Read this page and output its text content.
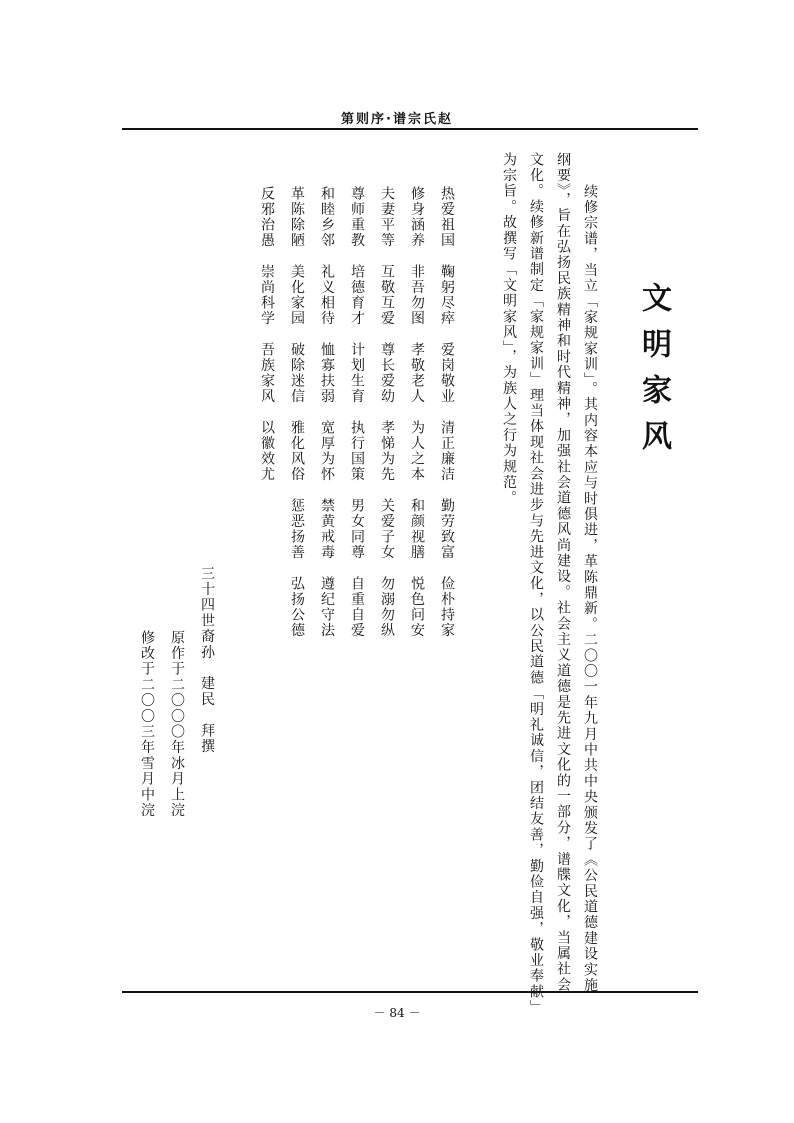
第则序·谱宗氏赵
文明家风
续修宗谱，当立「家规家训」。其内容本应与时俱进，革陈鼎新。二〇〇一年九月中共中央颁发了《公民道德建设实施
纲要》，旨在弘扬民族精神和时代精神，加强社会道德风尚建设。社会主义道德是先进文化的一部分，谱牒文化，当属社会
文化。续修新谱制定「家规家训」理当体现社会进步与先进文化，以公民道德「明礼诚信，团结友善，勤俭自强，敬业奉献」
为宗旨。故撰写「文明家风」，为族人之行为规范。
热爱祖国鞠躬尽瘁爱岗敬业清正廉洁勤劳致富俭朴持家
修身涵养非吾勿图孝敬老人为人之本和颜视膳悦色问安
夫妻平等互敬互爱尊长爱幼孝悌为先关爱子女勿溺勿纵
尊师重教培德育才计划生育执行国策男女同尊自重自爱
和睦乡邻礼义相待恤寡扶弱宽厚为怀禁黄戒毒遵纪守法
革陈除陋美化家园破除迷信雅化风俗惩恶扬善弘扬公德
反邪治愚崇尚科学吾族家风以徽效尤
三十四世裔孙　建民　拜撰
原作于二〇〇〇年冰月上浣
修改于二〇〇三年雪月中浣
－ 84 －
